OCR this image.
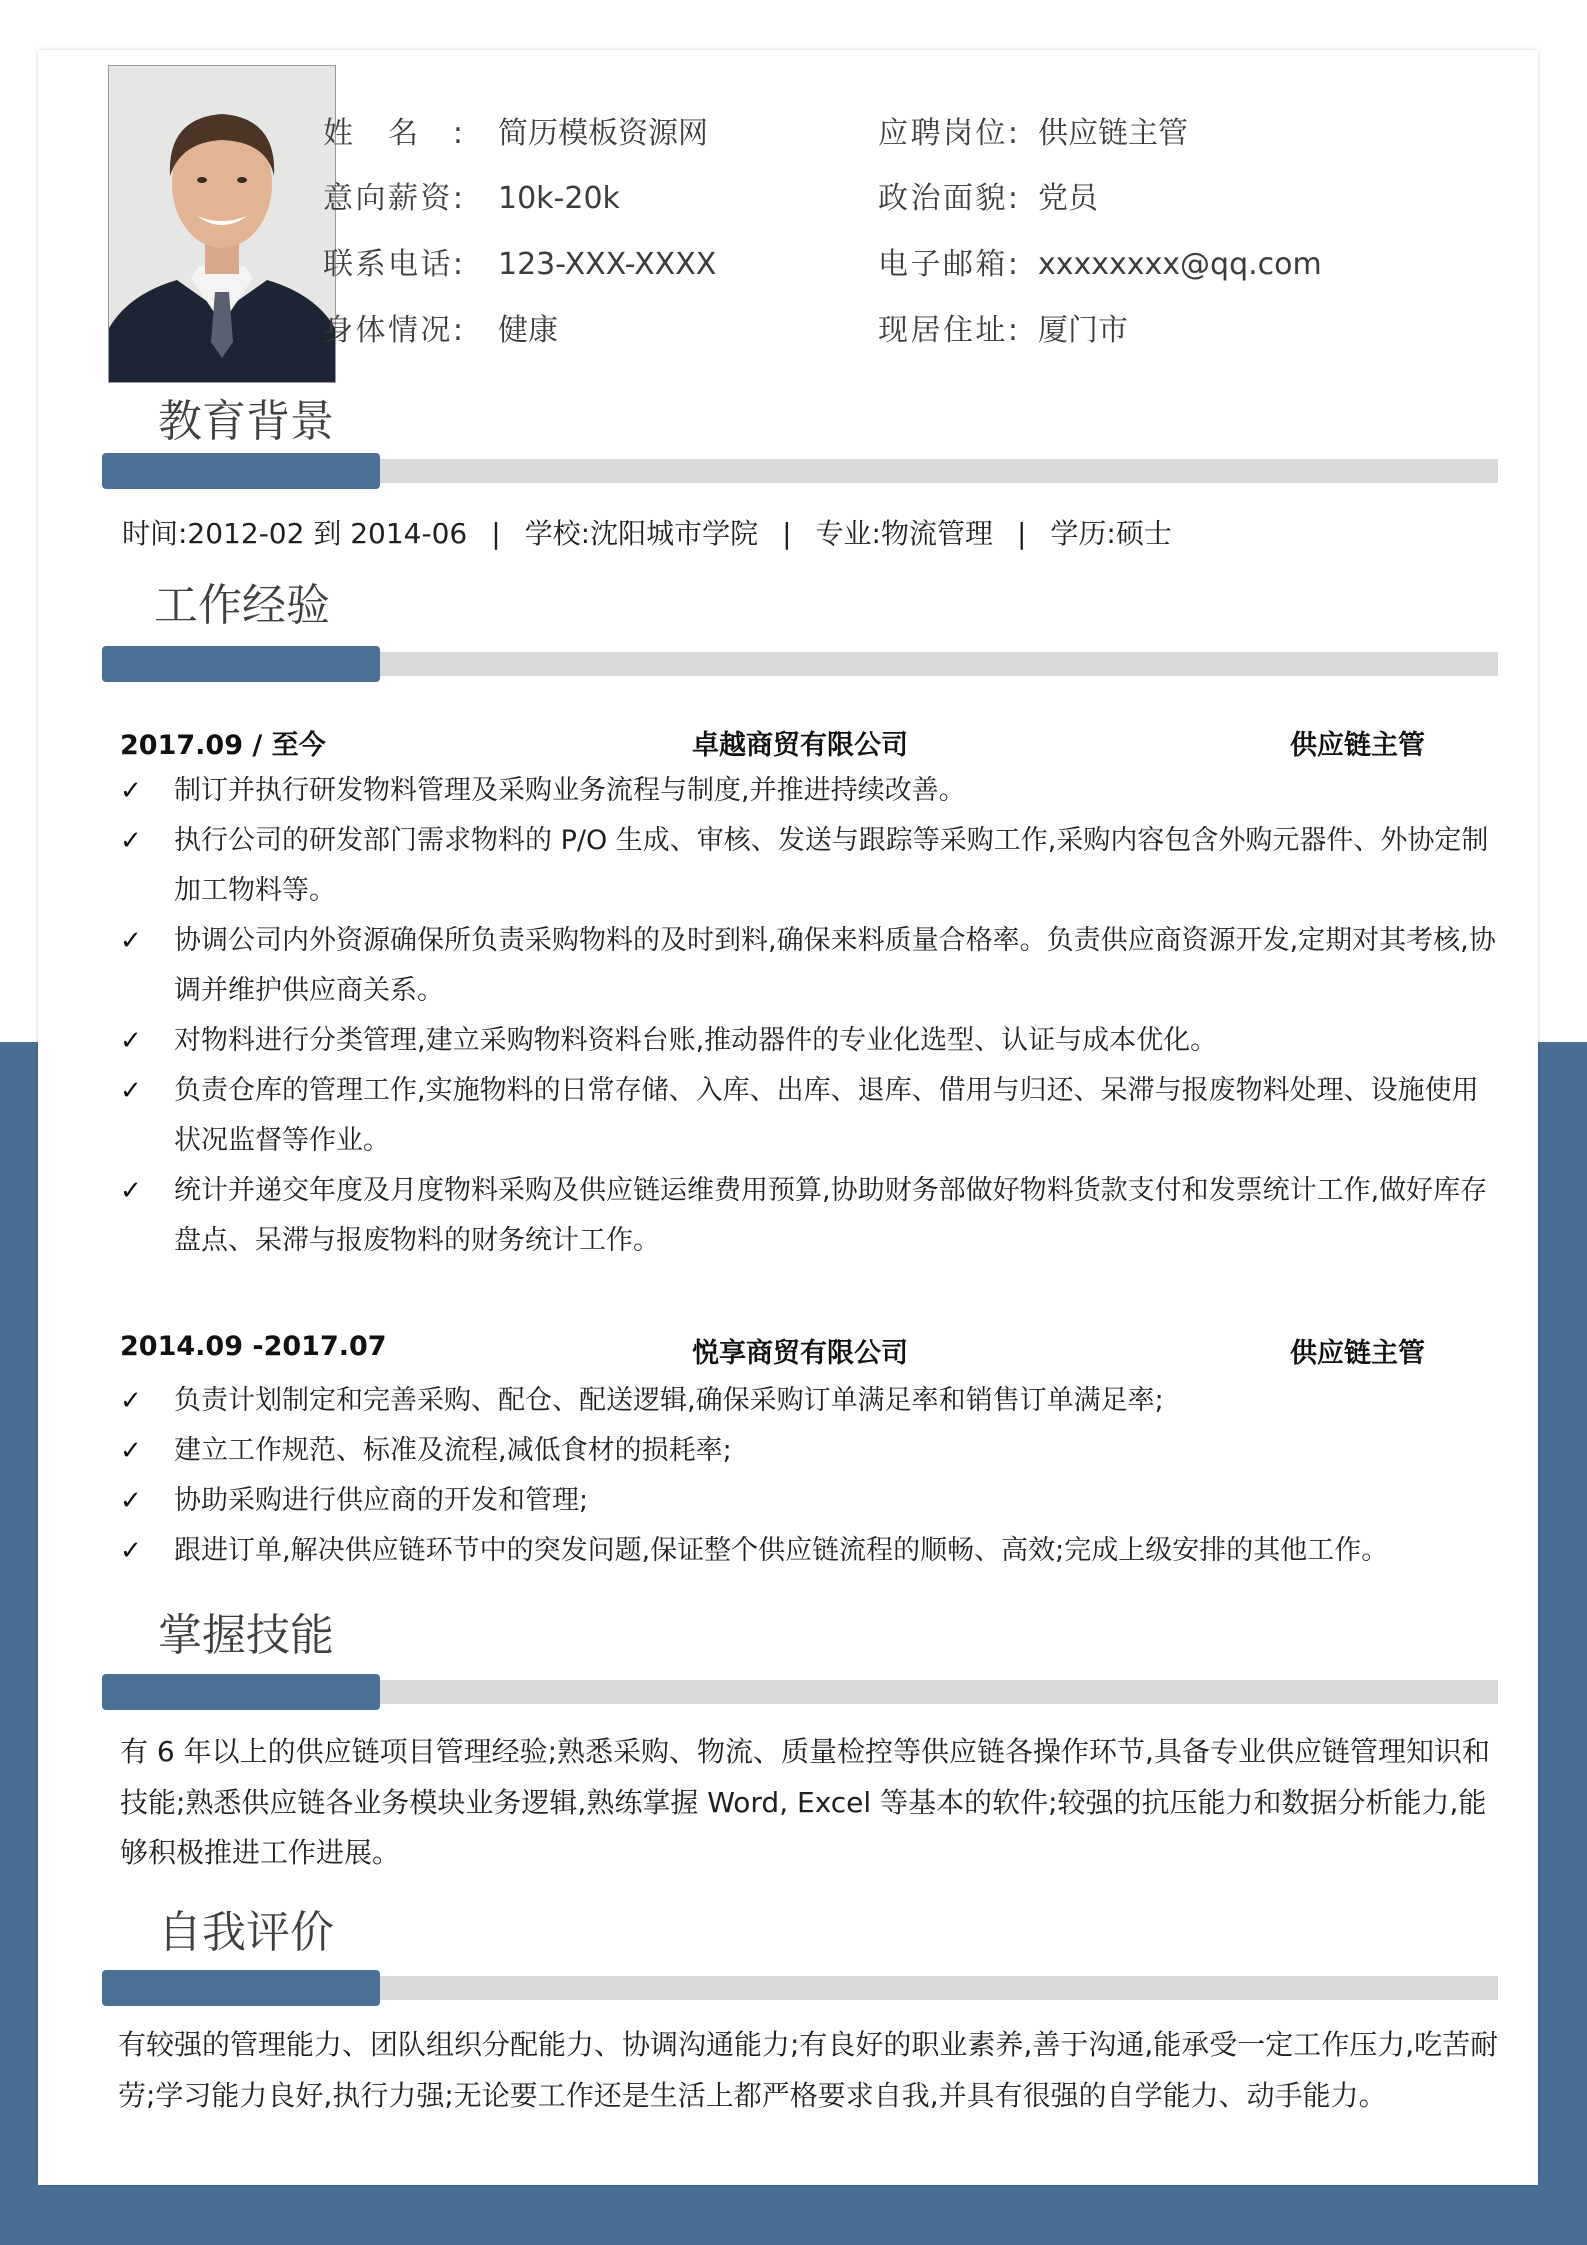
姓名: 简历模板资源网	应聘岗位: 供应链主管
意向薪资: 10k-20k	政治面貌: 党员
联系电话: 123-XXX-XXXX	电子邮箱: xxxxxxxx@qq.com
身体情况: 健康	现居住址: 厦门市
教育背景
时间:2012-02 到 2014-06 | 学校:沈阳城市学院 | 专业:物流管理 | 学历:硕士
工作经验
2017.09 / 至今	卓越商贸有限公司	供应链主管
✓ 制订并执行研发物料管理及采购业务流程与制度,并推进持续改善。
✓ 执行公司的研发部门需求物料的 P/O 生成、审核、发送与跟踪等采购工作,采购内容包含外购元器件、外协定制加工物料等。
✓ 协调公司内外资源确保所负责采购物料的及时到料,确保来料质量合格率。负责供应商资源开发,定期对其考核,协调并维护供应商关系。
✓ 对物料进行分类管理,建立采购物料资料台账,推动器件的专业化选型、认证与成本优化。
✓ 负责仓库的管理工作,实施物料的日常存储、入库、出库、退库、借用与归还、呆滞与报废物料处理、设施使用状况监督等作业。
✓ 统计并递交年度及月度物料采购及供应链运维费用预算,协助财务部做好物料货款支付和发票统计工作,做好库存盘点、呆滞与报废物料的财务统计工作。
2014.09 -2017.07	悦享商贸有限公司	供应链主管
✓ 负责计划制定和完善采购、配仓、配送逻辑,确保采购订单满足率和销售订单满足率;
✓ 建立工作规范、标准及流程,减低食材的损耗率;
✓ 协助采购进行供应商的开发和管理;
✓ 跟进订单,解决供应链环节中的突发问题,保证整个供应链流程的顺畅、高效;完成上级安排的其他工作。
掌握技能

有 6 年以上的供应链项目管理经验;熟悉采购、物流、质量检控等供应链各操作环节,具备专业供应链管理知识和技能;熟悉供应链各业务模块业务逻辑,熟练掌握 Word, Excel 等基本的软件;较强的抗压能力和数据分析能力,能够积极推进工作进展。

自我评价

有较强的管理能力、团队组织分配能力、协调沟通能力;有良好的职业素养,善于沟通,能承受一定工作压力,吃苦耐劳;学习能力良好,执行力强;无论要工作还是生活上都严格要求自我,并具有很强的自学能力、动手能力。
